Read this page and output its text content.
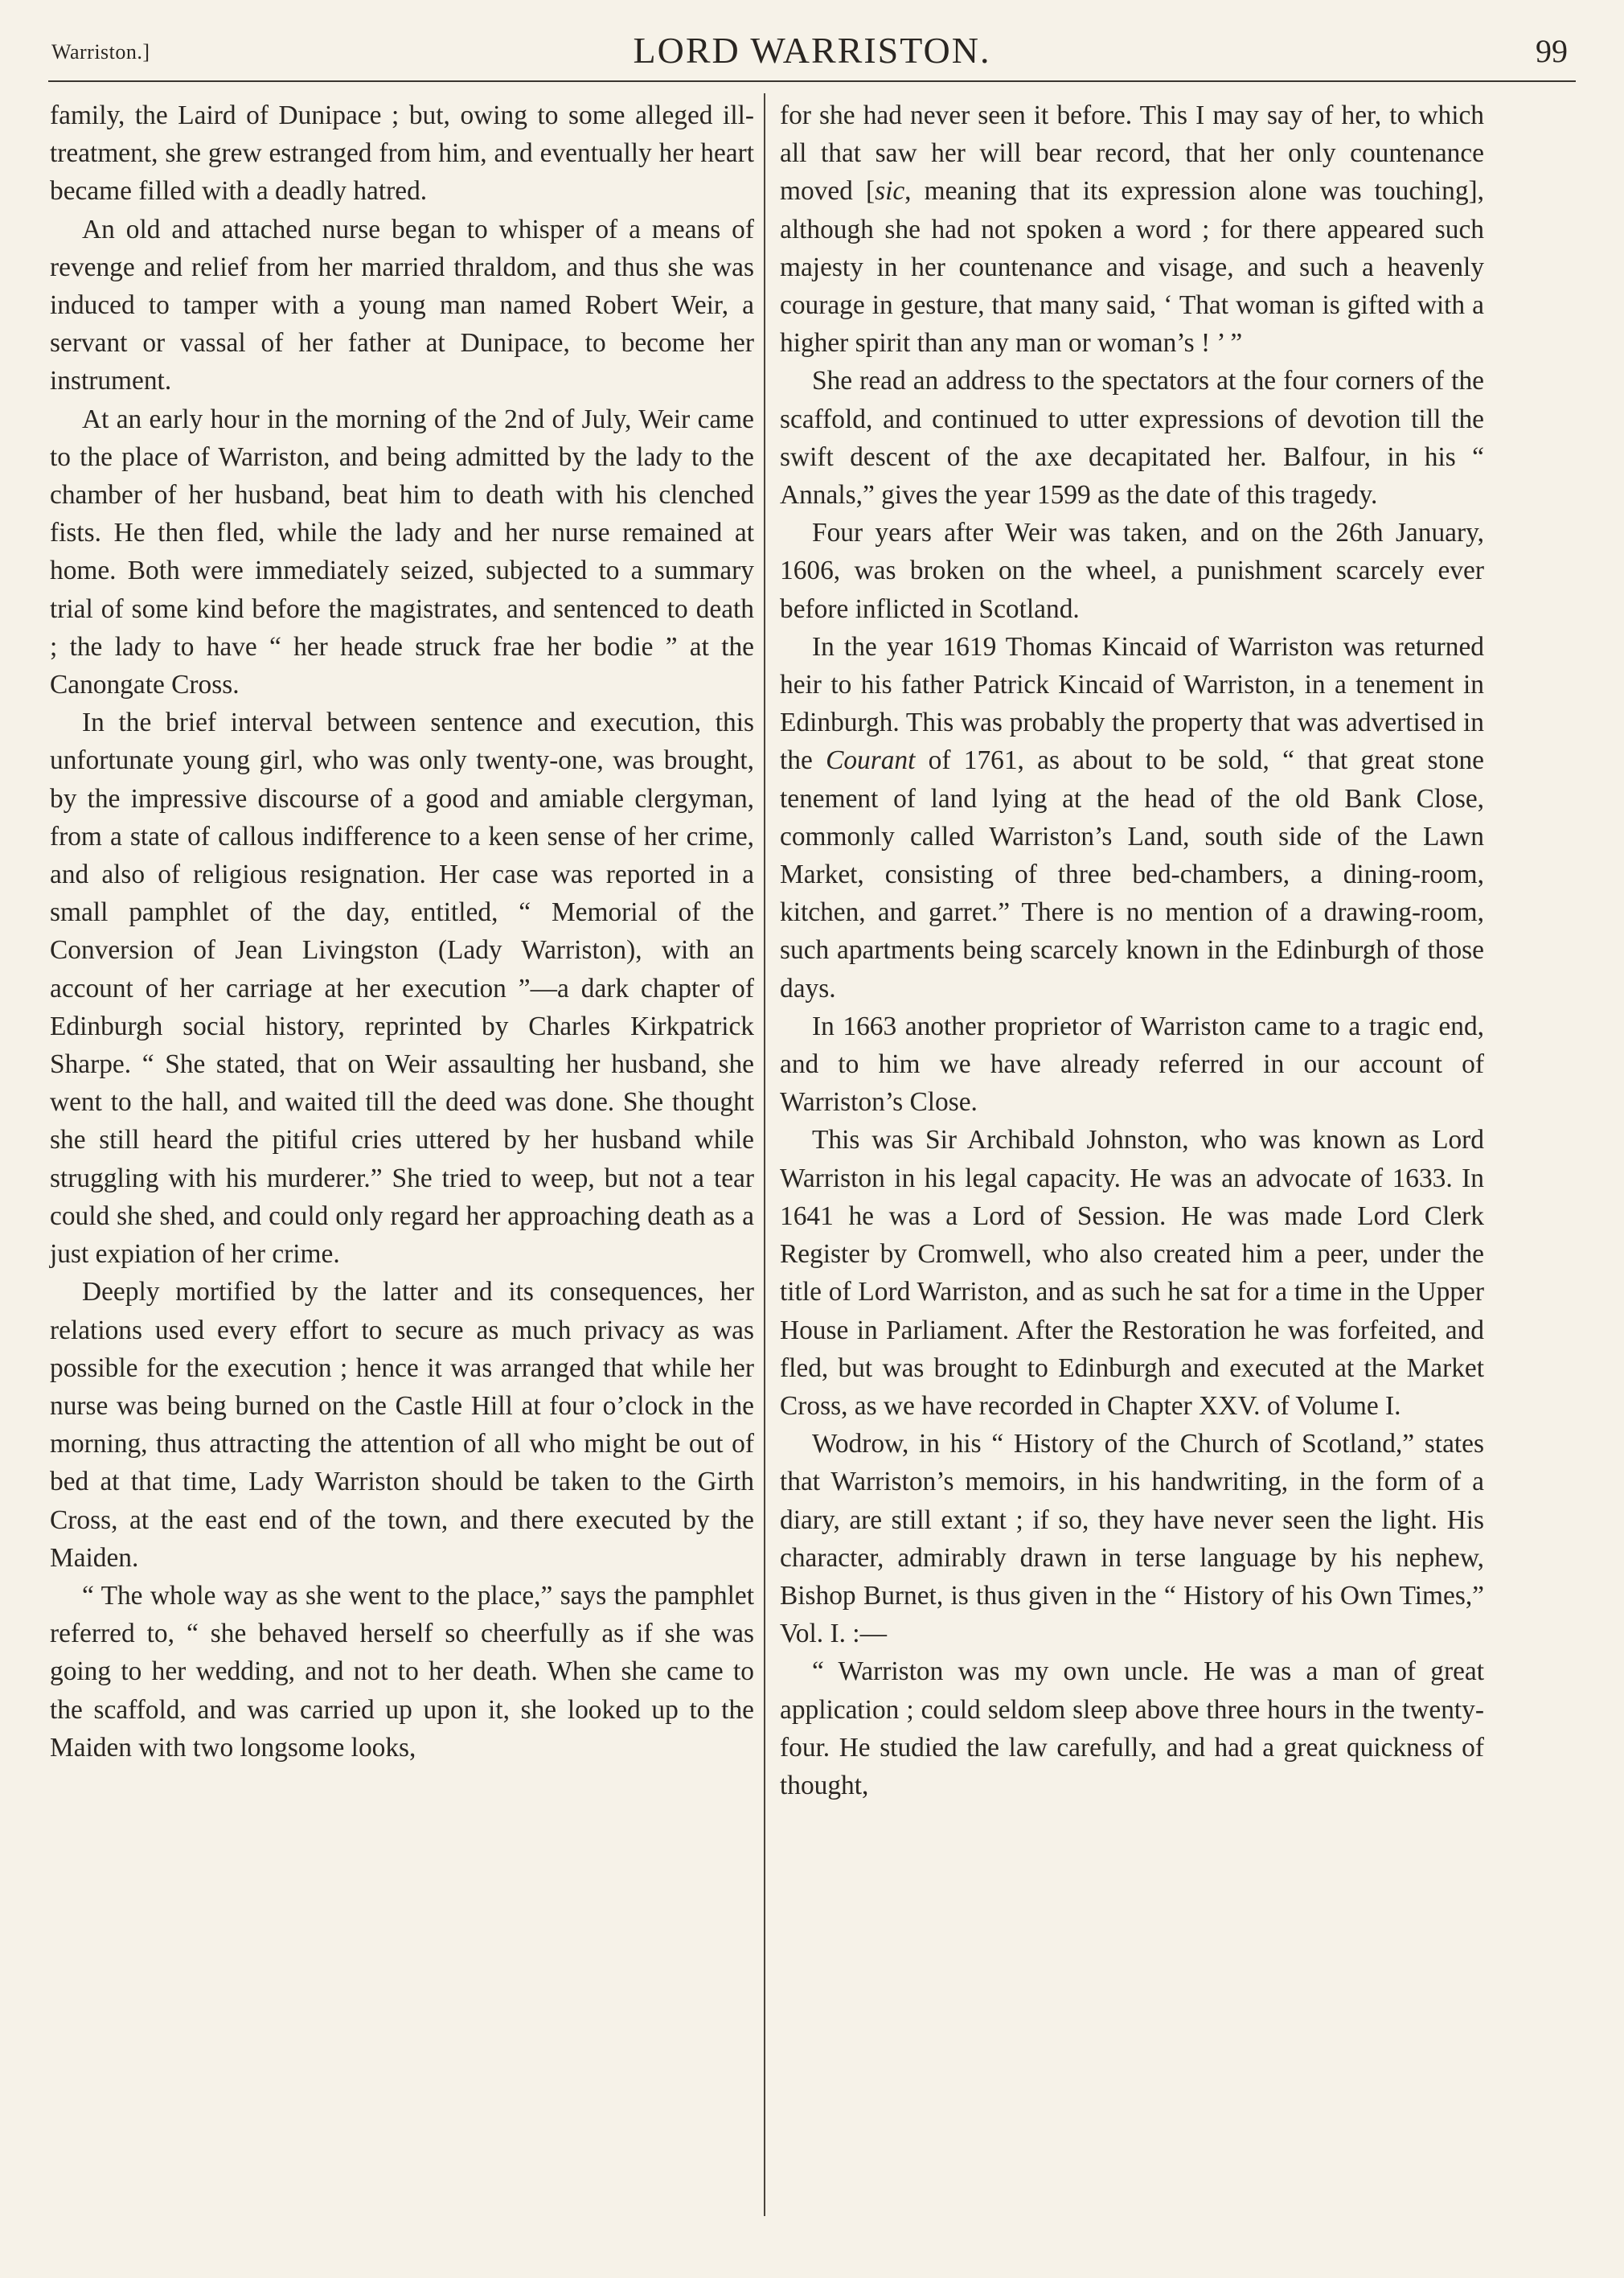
Warriston.]	LORD WARRISTON.	99

family, the Laird of Dunipace ; but, owing to some alleged ill-treatment, she grew estranged from him, and eventually her heart became filled with a deadly hatred.

An old and attached nurse began to whisper of a means of revenge and relief from her married thraldom, and thus she was induced to tamper with a young man named Robert Weir, a servant or vassal of her father at Dunipace, to become her instrument.

At an early hour in the morning of the 2nd of July, Weir came to the place of Warriston, and being admitted by the lady to the chamber of her husband, beat him to death with his clenched fists. He then fled, while the lady and her nurse remained at home. Both were immediately seized, subjected to a summary trial of some kind before the magistrates, and sentenced to death ; the lady to have “ her heade struck frae her bodie ” at the Canongate Cross.

In the brief interval between sentence and execution, this unfortunate young girl, who was only twenty-one, was brought, by the impressive discourse of a good and amiable clergyman, from a state of callous indifference to a keen sense of her crime, and also of religious resignation. Her case was reported in a small pamphlet of the day, entitled, “ Memorial of the Conversion of Jean Livingston (Lady Warriston), with an account of her carriage at her execution ”—a dark chapter of Edinburgh social history, reprinted by Charles Kirkpatrick Sharpe. “ She stated, that on Weir assaulting her husband, she went to the hall, and waited till the deed was done. She thought she still heard the pitiful cries uttered by her husband while struggling with his murderer.” She tried to weep, but not a tear could she shed, and could only regard her approaching death as a just expiation of her crime.

Deeply mortified by the latter and its consequences, her relations used every effort to secure as much privacy as was possible for the execution ; hence it was arranged that while her nurse was being burned on the Castle Hill at four o’clock in the morning, thus attracting the attention of all who might be out of bed at that time, Lady Warriston should be taken to the Girth Cross, at the east end of the town, and there executed by the Maiden.

“ The whole way as she went to the place,” says the pamphlet referred to, “ she behaved herself so cheerfully as if she was going to her wedding, and not to her death. When she came to the scaffold, and was carried up upon it, she looked up to the Maiden with two longsome looks,

for she had never seen it before. This I may say of her, to which all that saw her will bear record, that her only countenance moved [sic, meaning that its expression alone was touching], although she had not spoken a word ; for there appeared such majesty in her countenance and visage, and such a heavenly courage in gesture, that many said, ‘ That woman is gifted with a higher spirit than any man or woman’s ! ’ ”

She read an address to the spectators at the four corners of the scaffold, and continued to utter expressions of devotion till the swift descent of the axe decapitated her. Balfour, in his “ Annals,” gives the year 1599 as the date of this tragedy.

Four years after Weir was taken, and on the 26th January, 1606, was broken on the wheel, a punishment scarcely ever before inflicted in Scotland.

In the year 1619 Thomas Kincaid of Warriston was returned heir to his father Patrick Kincaid of Warriston, in a tenement in Edinburgh. This was probably the property that was advertised in the Courant of 1761, as about to be sold, “ that great stone tenement of land lying at the head of the old Bank Close, commonly called Warriston’s Land, south side of the Lawn Market, consisting of three bed-chambers, a dining-room, kitchen, and garret.” There is no mention of a drawing-room, such apartments being scarcely known in the Edinburgh of those days.

In 1663 another proprietor of Warriston came to a tragic end, and to him we have already referred in our account of Warriston’s Close.

This was Sir Archibald Johnston, who was known as Lord Warriston in his legal capacity. He was an advocate of 1633. In 1641 he was a Lord of Session. He was made Lord Clerk Register by Cromwell, who also created him a peer, under the title of Lord Warriston, and as such he sat for a time in the Upper House in Parliament. After the Restoration he was forfeited, and fled, but was brought to Edinburgh and executed at the Market Cross, as we have recorded in Chapter XXV. of Volume I.

Wodrow, in his “ History of the Church of Scotland,” states that Warriston’s memoirs, in his handwriting, in the form of a diary, are still extant ; if so, they have never seen the light. His character, admirably drawn in terse language by his nephew, Bishop Burnet, is thus given in the “ History of his Own Times,” Vol. I. :—

“ Warriston was my own uncle. He was a man of great application ; could seldom sleep above three hours in the twenty-four. He studied the law carefully, and had a great quickness of thought,
